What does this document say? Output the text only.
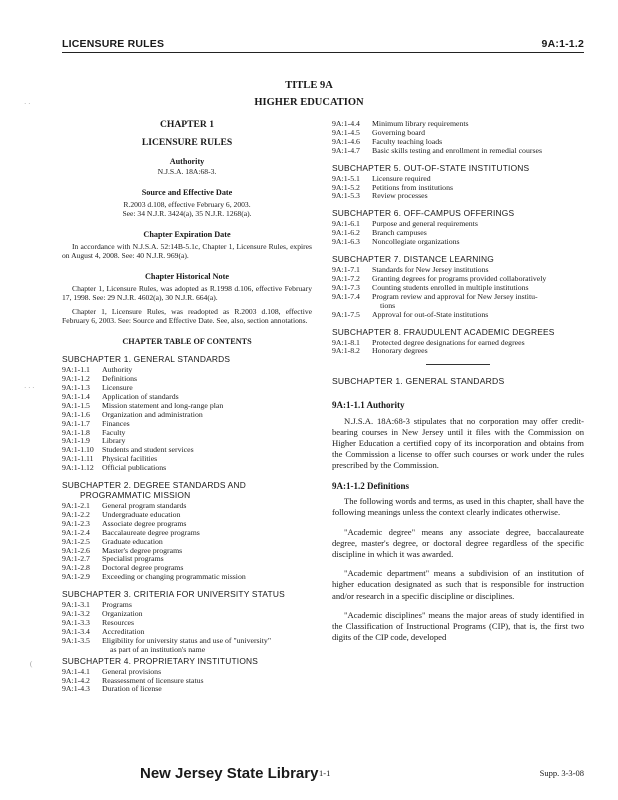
LICENSURE RULES	9A:1-1.2
TITLE 9A
HIGHER EDUCATION
· ·
· · ·
(
CHAPTER 1
LICENSURE RULES
Authority
N.J.S.A. 18A:68-3.
Source and Effective Date
R.2003 d.108, effective February 6, 2003.
See: 34 N.J.R. 3424(a), 35 N.J.R. 1268(a).
Chapter Expiration Date
In accordance with N.J.S.A. 52:14B-5.1c, Chapter 1, Licensure Rules, expires on August 4, 2008. See: 40 N.J.R. 969(a).
Chapter Historical Note
Chapter 1, Licensure Rules, was adopted as R.1998 d.106, effective February 17, 1998. See: 29 N.J.R. 4602(a), 30 N.J.R. 664(a).
Chapter 1, Licensure Rules, was readopted as R.2003 d.108, effective February 6, 2003. See: Source and Effective Date. See, also, section annotations.
CHAPTER TABLE OF CONTENTS
SUBCHAPTER 1. GENERAL STANDARDS
9A:1-1.1	Authority
9A:1-1.2	Definitions
9A:1-1.3	Licensure
9A:1-1.4	Application of standards
9A:1-1.5	Mission statement and long-range plan
9A:1-1.6	Organization and administration
9A:1-1.7	Finances
9A:1-1.8	Faculty
9A:1-1.9	Library
9A:1-1.10	Students and student services
9A:1-1.11	Physical facilities
9A:1-1.12	Official publications
SUBCHAPTER 2. DEGREE STANDARDS AND
PROGRAMMATIC MISSION
9A:1-2.1	General program standards
9A:1-2.2	Undergraduate education
9A:1-2.3	Associate degree programs
9A:1-2.4	Baccalaureate degree programs
9A:1-2.5	Graduate education
9A:1-2.6	Master's degree programs
9A:1-2.7	Specialist programs
9A:1-2.8	Doctoral degree programs
9A:1-2.9	Exceeding or changing programmatic mission
SUBCHAPTER 3. CRITERIA FOR UNIVERSITY STATUS
9A:1-3.1	Programs
9A:1-3.2	Organization
9A:1-3.3	Resources
9A:1-3.4	Accreditation
9A:1-3.5	Eligibility for university status and use of "university"
as part of an institution's name
SUBCHAPTER 4. PROPRIETARY INSTITUTIONS
9A:1-4.1	General provisions
9A:1-4.2	Reassessment of licensure status
9A:1-4.3	Duration of license
9A:1-4.4	Minimum library requirements
9A:1-4.5	Governing board
9A:1-4.6	Faculty teaching loads
9A:1-4.7	Basic skills testing and enrollment in remedial courses
SUBCHAPTER 5. OUT-OF-STATE INSTITUTIONS
9A:1-5.1	Licensure required
9A:1-5.2	Petitions from institutions
9A:1-5.3	Review processes
SUBCHAPTER 6. OFF-CAMPUS OFFERINGS
9A:1-6.1	Purpose and general requirements
9A:1-6.2	Branch campuses
9A:1-6.3	Noncollegiate organizations
SUBCHAPTER 7. DISTANCE LEARNING
9A:1-7.1	Standards for New Jersey institutions
9A:1-7.2	Granting degrees for programs provided collaboratively
9A:1-7.3	Counting students enrolled in multiple institutions
9A:1-7.4	Program review and approval for New Jersey institu-
tions
9A:1-7.5	Approval for out-of-State institutions
SUBCHAPTER 8. FRAUDULENT ACADEMIC DEGREES
9A:1-8.1	Protected degree designations for earned degrees
9A:1-8.2	Honorary degrees
SUBCHAPTER 1. GENERAL STANDARDS
9A:1-1.1 Authority

N.J.S.A. 18A:68-3 stipulates that no corporation may offer credit-bearing courses in New Jersey until it files with the Commission on Higher Education a certified copy of its incorporation and obtains from the Commission a license to offer such courses or work under the rules prescribed by the Commission.

9A:1-1.2 Definitions

The following words and terms, as used in this chapter, shall have the following meanings unless the context clearly indicates otherwise.

"Academic degree" means any associate degree, baccalaureate degree, master's degree, or doctoral degree regardless of the specific discipline in which it was awarded.

"Academic department" means a subdivision of an institution of higher education designated as such that is responsible for instruction and/or research in a specific discipline or disciplines.

"Academic disciplines" means the major areas of study identified in the Classification of Instructional Programs (CIP), that is, the first two digits of the CIP code, developed

New Jersey State Library 1-1	Supp. 3-3-08
